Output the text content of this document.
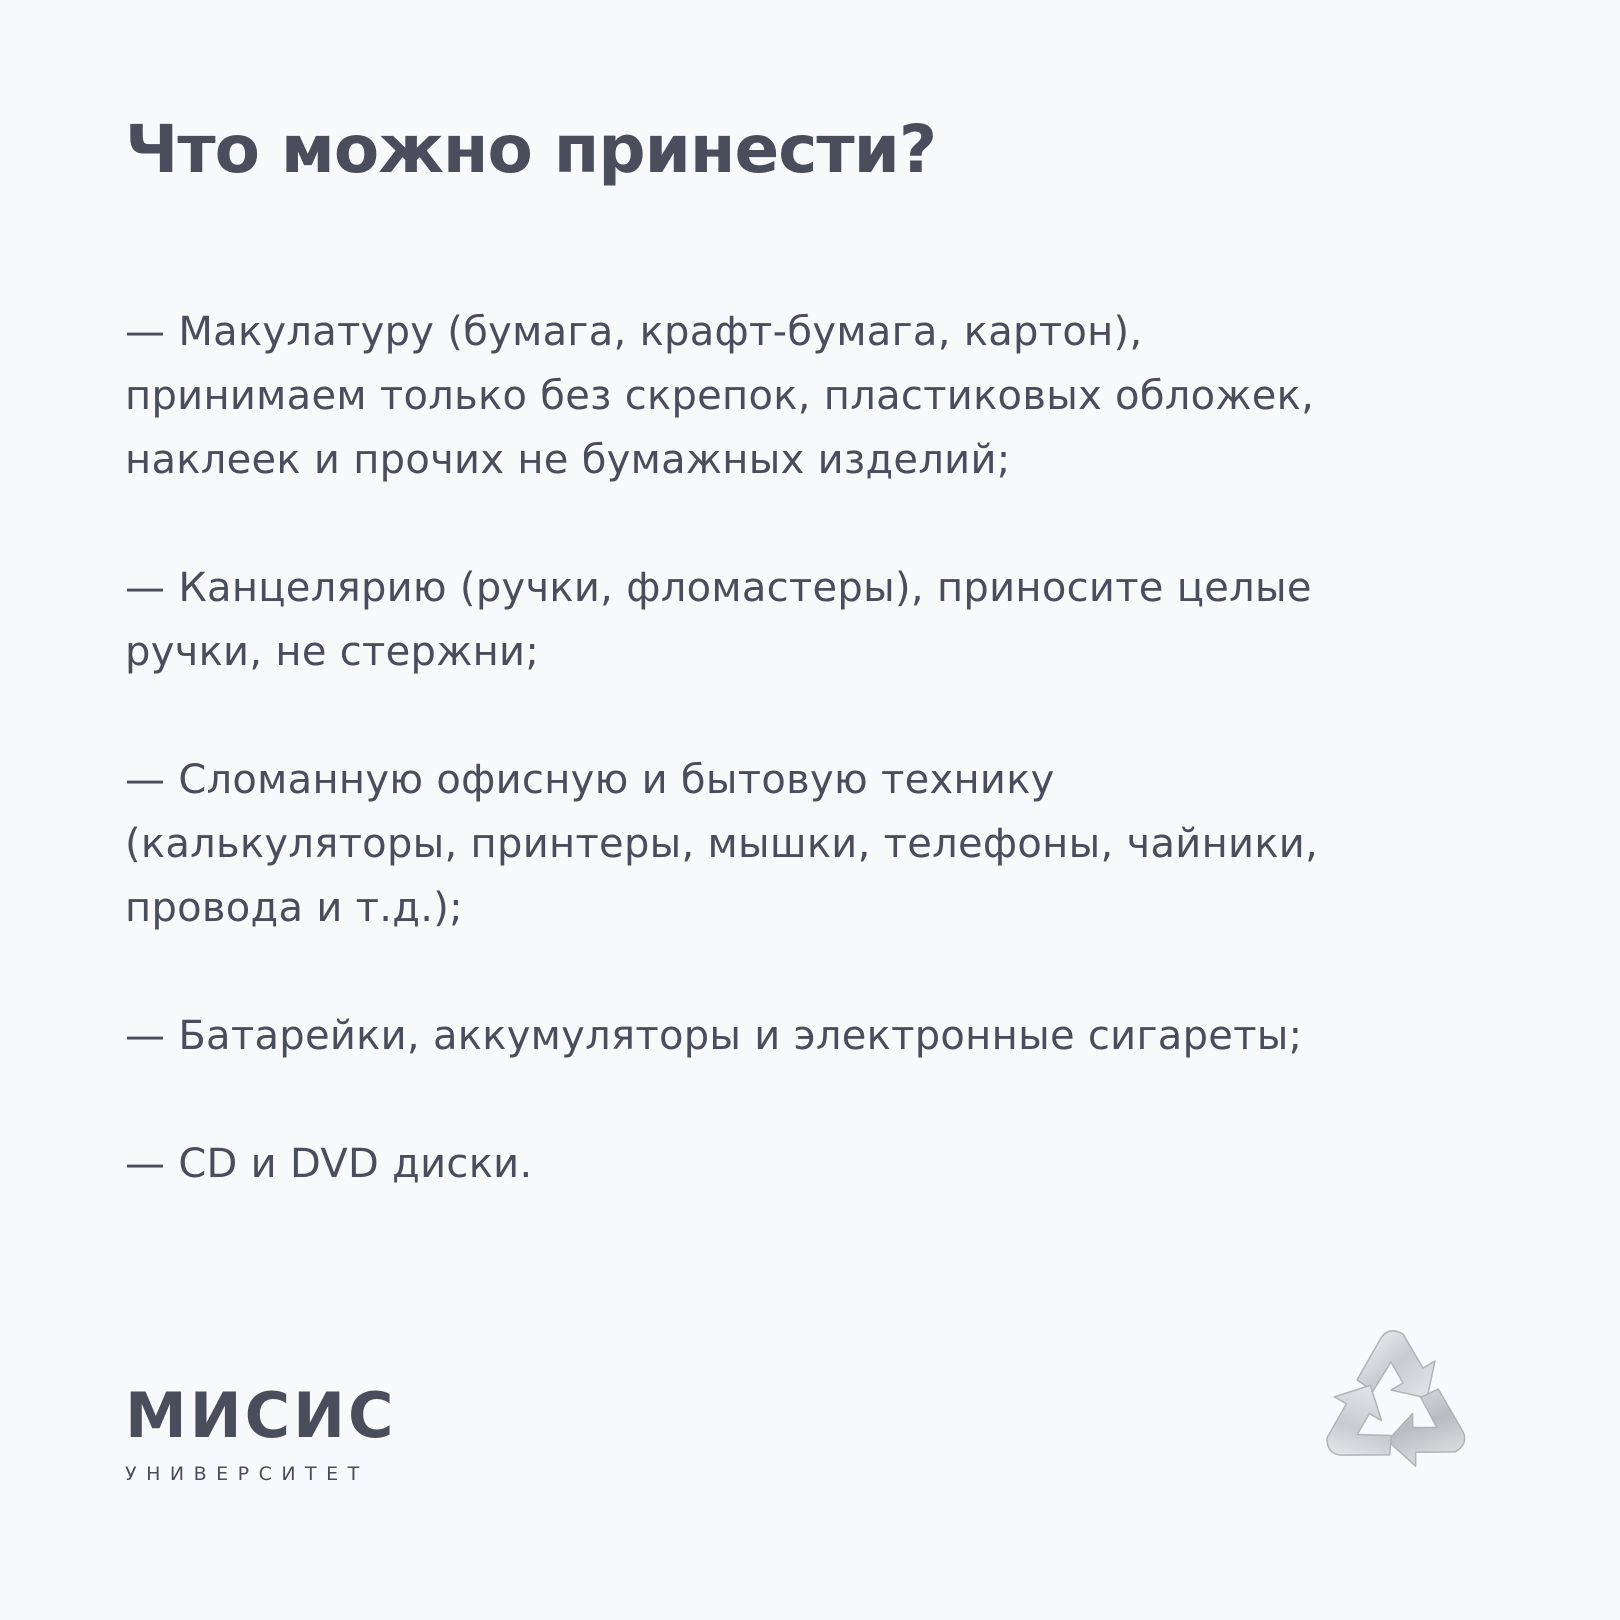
Что можно принести?
— Макулатуру (бумага, крафт-бумага, картон),
принимаем только без скрепок, пластиковых обложек,
наклеек и прочих не бумажных изделий;
— Канцелярию (ручки, фломастеры), приносите целые
ручки, не стержни;
— Сломанную офисную и бытовую технику
(калькуляторы, принтеры, мышки, телефоны, чайники,
провода и т.д.);
— Батарейки, аккумуляторы и электронные сигареты;
— CD и DVD диски.
МИСИС
УНИВЕРСИТЕТ
